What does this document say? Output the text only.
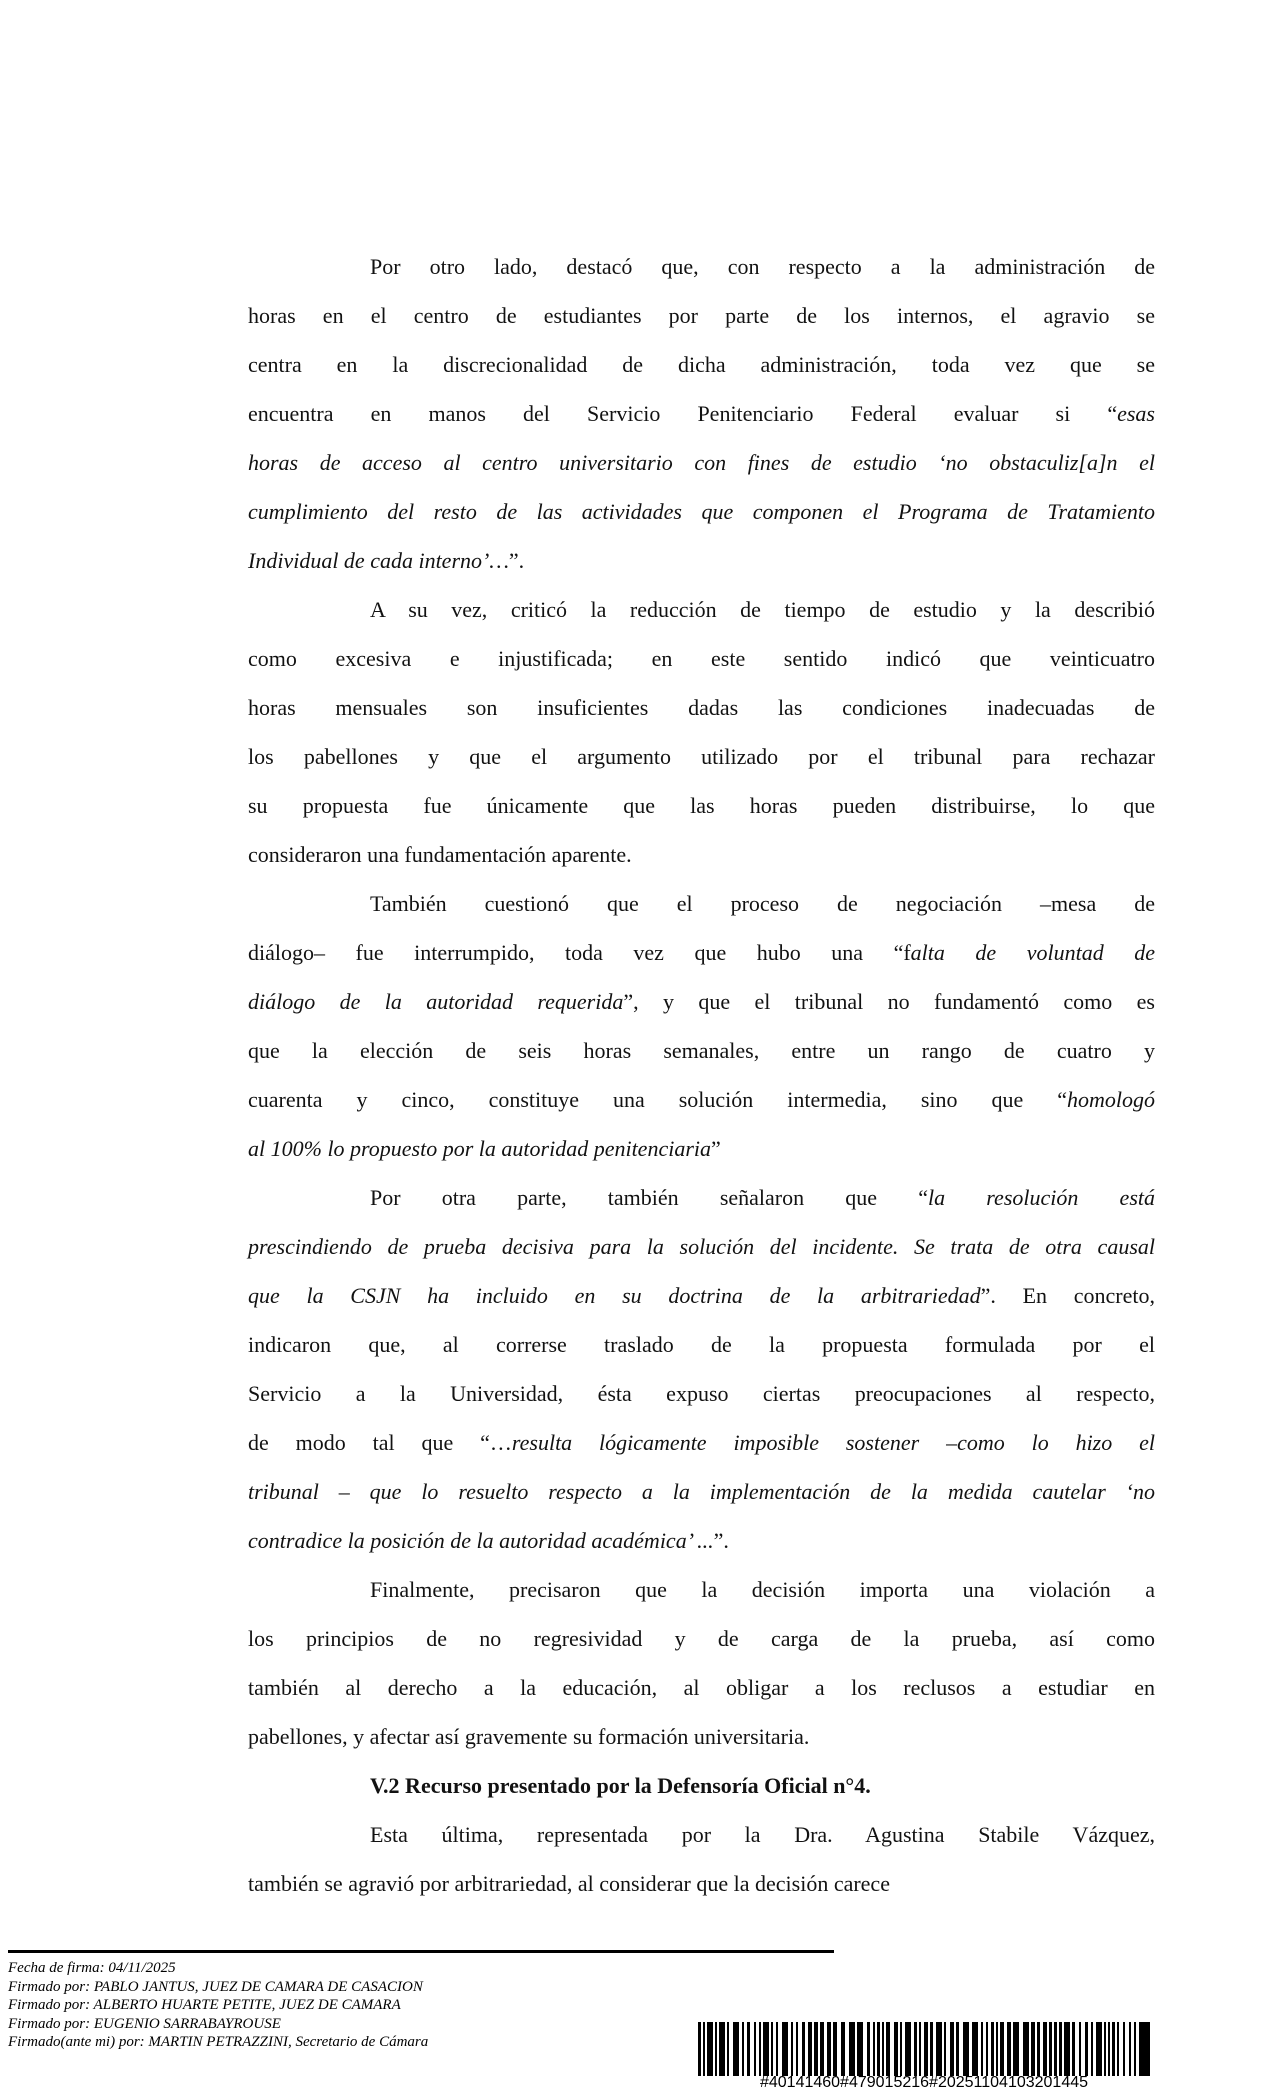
Por otro lado, destacó que, con respecto a la administración de
horas en el centro de estudiantes por parte de los internos, el agravio se
centra en la discrecionalidad de dicha administración, toda vez que se
encuentra en manos del Servicio Penitenciario Federal evaluar si “esas
horas de acceso al centro universitario con fines de estudio ‘no obstaculiz[a]n el
cumplimiento del resto de las actividades que componen el Programa de Tratamiento
Individual de cada interno’…”.
A su vez, criticó la reducción de tiempo de estudio y la describió
como excesiva e injustificada; en este sentido indicó que veinticuatro
horas mensuales son insuficientes dadas las condiciones inadecuadas de
los pabellones y que el argumento utilizado por el tribunal para rechazar
su propuesta fue únicamente que las horas pueden distribuirse, lo que
consideraron una fundamentación aparente.
También cuestionó que el proceso de negociación –mesa de
diálogo– fue interrumpido, toda vez que hubo una “falta de voluntad de
diálogo de la autoridad requerida”, y que el tribunal no fundamentó como es
que la elección de seis horas semanales, entre un rango de cuatro y
cuarenta y cinco, constituye una solución intermedia, sino que “homologó
al 100% lo propuesto por la autoridad penitenciaria”
Por otra parte, también señalaron que “la resolución está
prescindiendo de prueba decisiva para la solución del incidente. Se trata de otra causal
que la CSJN ha incluido en su doctrina de la arbitrariedad”. En concreto,
indicaron que, al correrse traslado de la propuesta formulada por el
Servicio a la Universidad, ésta expuso ciertas preocupaciones al respecto,
de modo tal que “…resulta lógicamente imposible sostener –como lo hizo el
tribunal – que lo resuelto respecto a la implementación de la medida cautelar ‘no
contradice la posición de la autoridad académica’ ...”.
Finalmente, precisaron que la decisión importa una violación a
los principios de no regresividad y de carga de la prueba, así como
también al derecho a la educación, al obligar a los reclusos a estudiar en
pabellones, y afectar así gravemente su formación universitaria.
V.2 Recurso presentado por la Defensoría Oficial n°4.
Esta última, representada por la Dra. Agustina Stabile Vázquez,
también se agravió por arbitrariedad, al considerar que la decisión carece
Fecha de firma: 04/11/2025
Firmado por: PABLO JANTUS, JUEZ DE CAMARA DE CASACION
Firmado por: ALBERTO HUARTE PETITE, JUEZ DE CAMARA
Firmado por: EUGENIO SARRABAYROUSE
Firmado(ante mi) por: MARTIN PETRAZZINI, Secretario de Cámara
#40141460#479015216#20251104103201445
